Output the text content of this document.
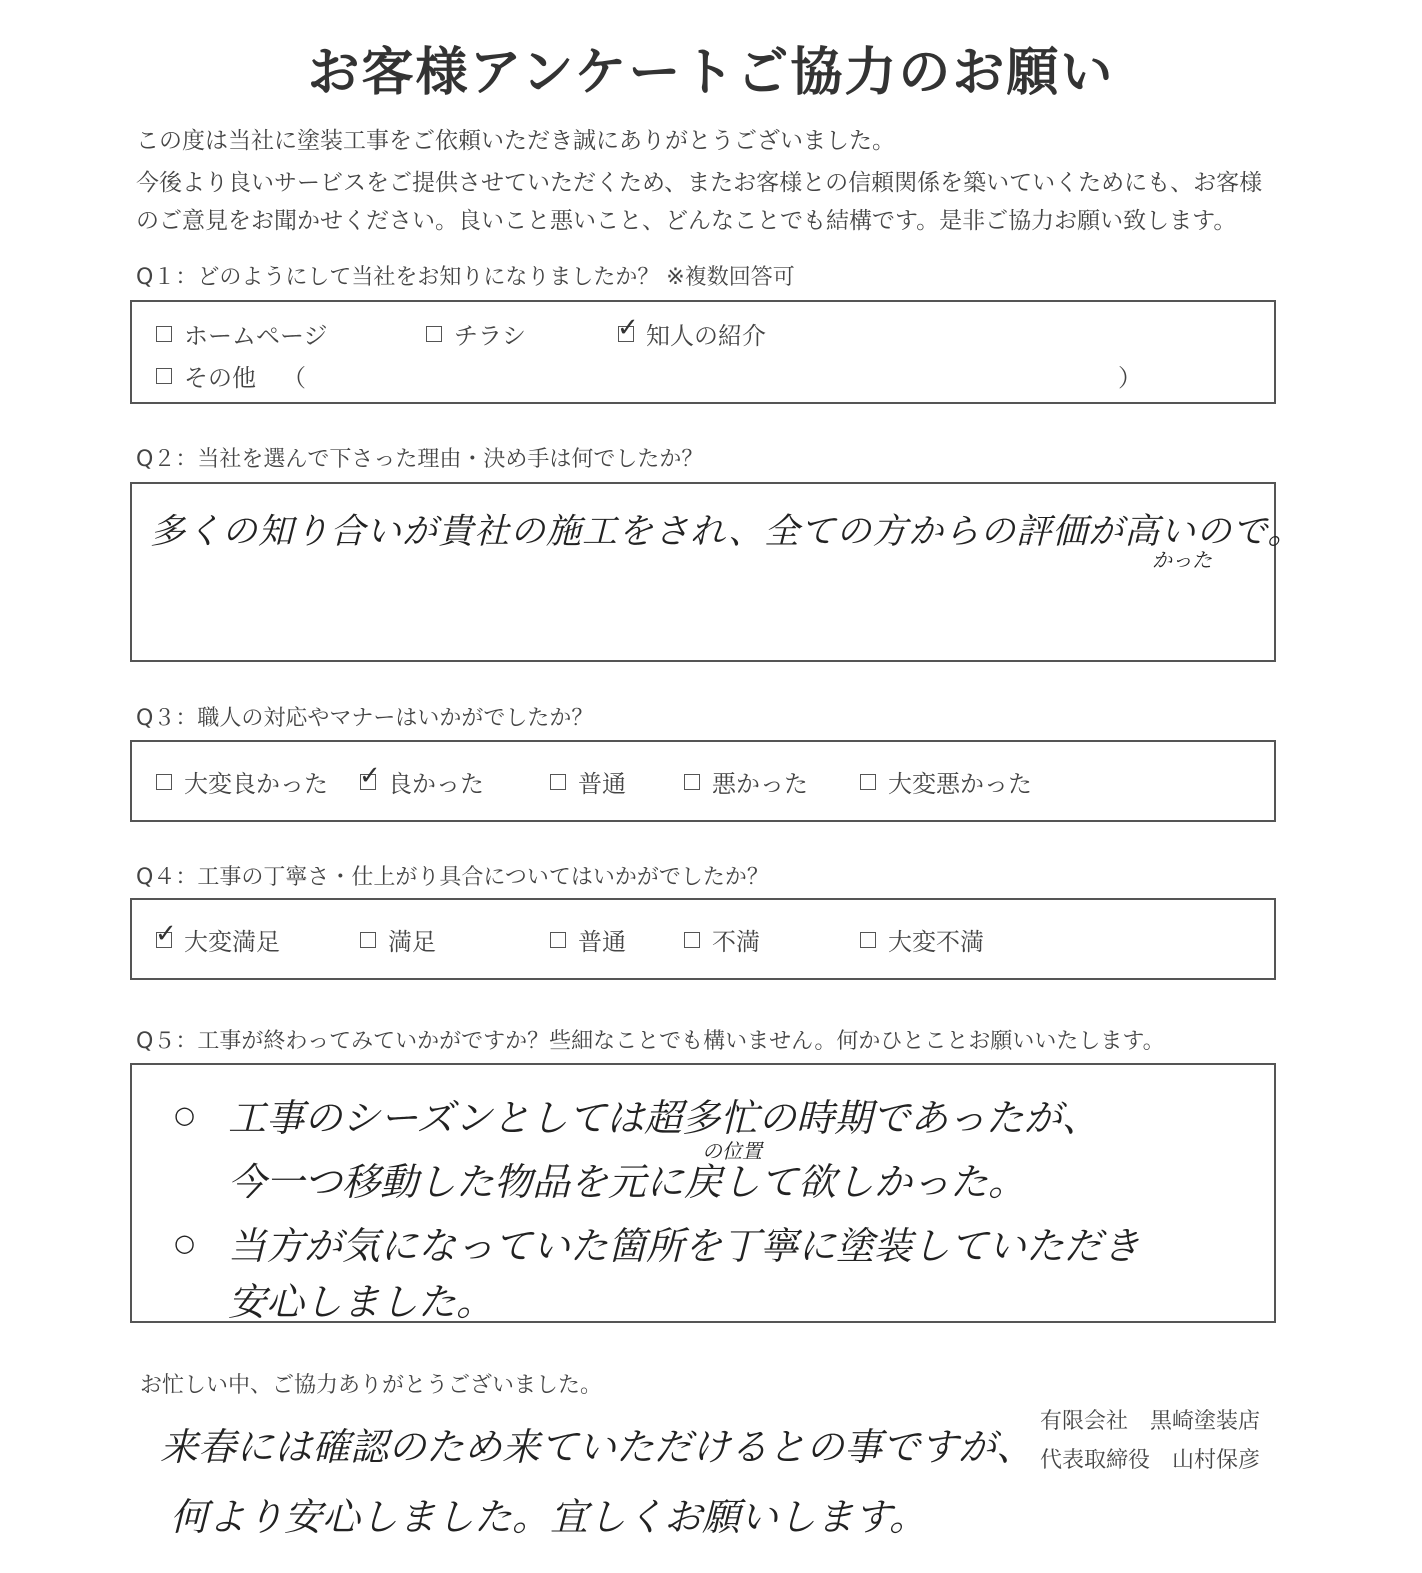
お客様アンケートご協力のお願い
この度は当社に塗装工事をご依頼いただき誠にありがとうございました。
今後より良いサービスをご提供させていただくため、またお客様との信頼関係を築いていくためにも、お客様
のご意見をお聞かせください。良いこと悪いこと、どんなことでも結構です。是非ご協力お願い致します。
Q１：どのようにして当社をお知りになりましたか？ ※複数回答可
ホームページ	チラシ	✓ 知人の紹介
その他 （	）
Q２：当社を選んで下さった理由・決め手は何でしたか？
多くの知り合いが貴社の施工をされ、全ての方からの評価が高いので。
かった
Q３：職人の対応やマナーはいかがでしたか？
大変良かった ✓ 良かった	普通	悪かった	大変悪かった
Q４：工事の丁寧さ・仕上がり具合についてはいかがでしたか？
✓ 大変満足	満足	普通	不満	大変不満
Q５：工事が終わってみていかがですか？些細なことでも構いません。何かひとことお願いいたします。
○ 工事のシーズンとしては超多忙の時期であったが、
の位置
今一つ移動した物品を元に戻して欲しかった。
○ 当方が気になっていた箇所を丁寧に塗装していただき
安心しました。
お忙しい中、ご協力ありがとうございました。
有限会社　黒崎塗装店
代表取締役　山村保彦
来春には確認のため来ていただけるとの事ですが、
何より安心しました。宜しくお願いします。
